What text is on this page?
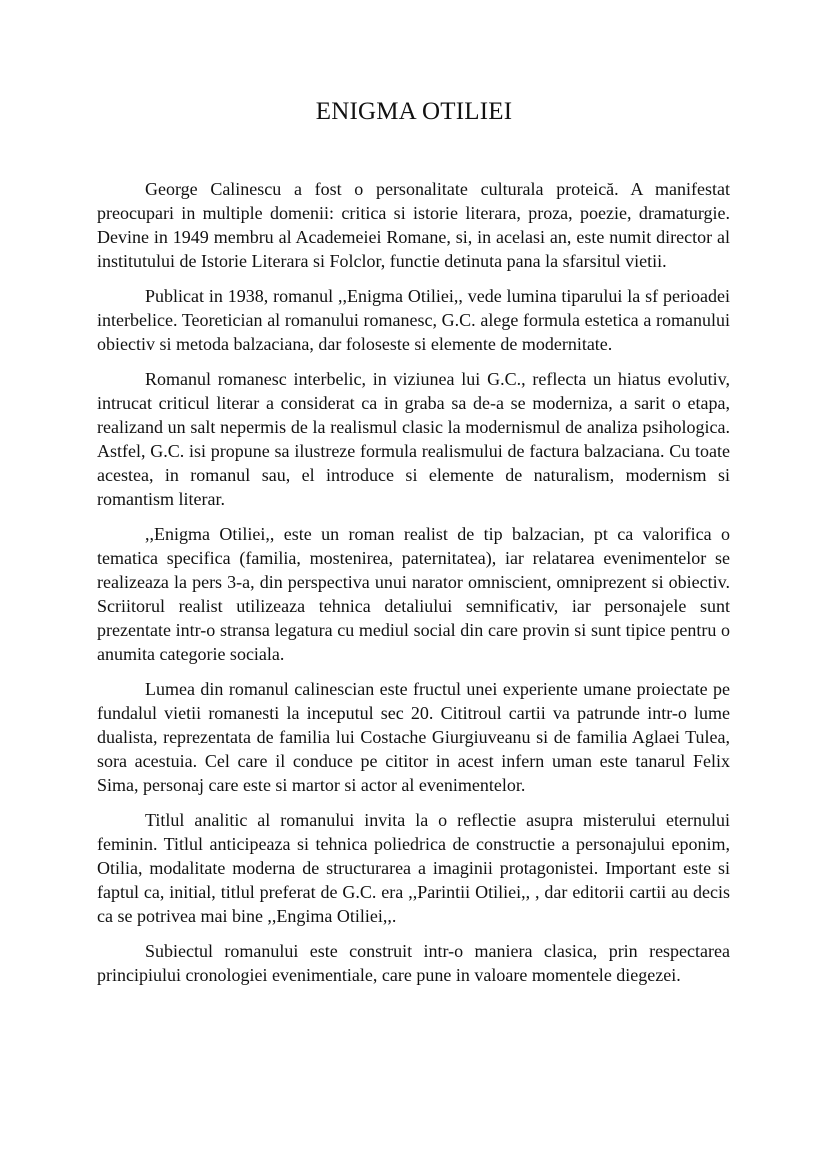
ENIGMA OTILIEI

George Calinescu a fost o personalitate culturala proteică. A manifestat preocupari in multiple domenii: critica si istorie literara, proza, poezie, dramaturgie. Devine in 1949 membru al Academeiei Romane, si, in acelasi an, este numit director al institutului de Istorie Literara si Folclor, functie detinuta pana la sfarsitul vietii.

Publicat in 1938, romanul ,,Enigma Otiliei,, vede lumina tiparului la sf perioadei interbelice. Teoretician al romanului romanesc, G.C. alege formula estetica a romanului obiectiv si metoda balzaciana, dar foloseste si elemente de modernitate.

Romanul romanesc interbelic, in viziunea lui G.C., reflecta un hiatus evolutiv, intrucat criticul literar a considerat ca in graba sa de-a se moderniza, a sarit o etapa, realizand un salt nepermis de la realismul clasic la modernismul de analiza psihologica. Astfel, G.C. isi propune sa ilustreze formula realismului de factura balzaciana. Cu toate acestea, in romanul sau, el introduce si elemente de naturalism, modernism si romantism literar.

,,Enigma Otiliei,, este un roman realist de tip balzacian, pt ca valorifica o tematica specifica (familia, mostenirea, paternitatea), iar relatarea evenimentelor se realizeaza la pers 3-a, din perspectiva unui narator omniscient, omniprezent si obiectiv. Scriitorul realist utilizeaza tehnica detaliului semnificativ, iar personajele sunt prezentate intr-o stransa legatura cu mediul social din care provin si sunt tipice pentru o anumita categorie sociala.

Lumea din romanul calinescian este fructul unei experiente umane proiectate pe fundalul vietii romanesti la inceputul sec 20. Cititroul cartii va patrunde intr-o lume dualista, reprezentata de familia lui Costache Giurgiuveanu si de familia Aglaei Tulea, sora acestuia. Cel care il conduce pe cititor in acest infern uman este tanarul Felix Sima, personaj care este si martor si actor al evenimentelor.

Titlul analitic al romanului invita la o reflectie asupra misterului eternului feminin. Titlul anticipeaza si tehnica poliedrica de constructie a personajului eponim, Otilia, modalitate moderna de structurarea a imaginii protagonistei. Important este si faptul ca, initial, titlul preferat de G.C. era ,,Parintii Otiliei,, , dar editorii cartii au decis ca se potrivea mai bine ,,Engima Otiliei,,.

Subiectul romanului este construit intr-o maniera clasica, prin respectarea principiului cronologiei evenimentiale, care pune in valoare momentele diegezei.
